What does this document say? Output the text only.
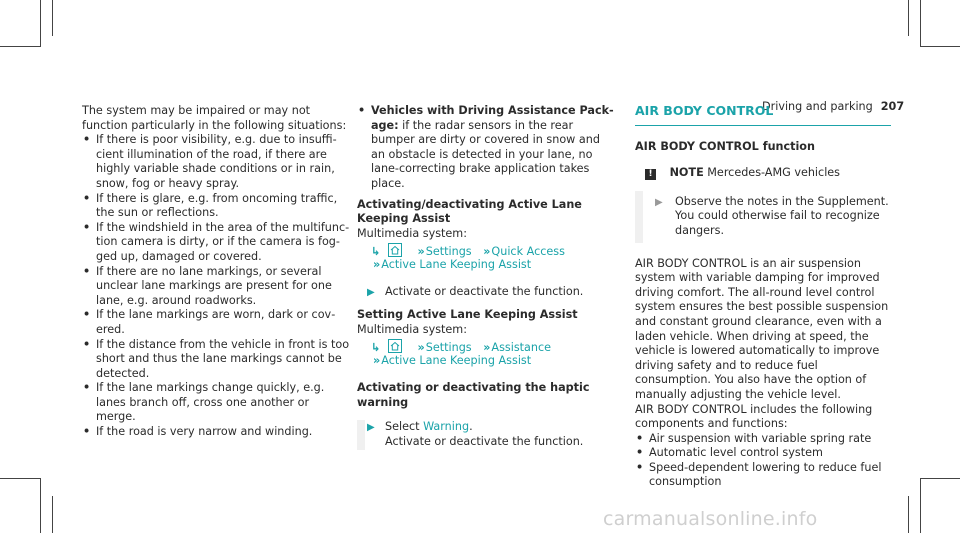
Driving and parking 207

The system may be impaired or may not function particularly in the following situations:

• If there is poor visibility, e.g. due to insufficient illumination of the road, if there are highly variable shade conditions or in rain, snow, fog or heavy spray.
• If there is glare, e.g. from oncoming traffic, the sun or reflections.
• If the windshield in the area of the multifunction camera is dirty, or if the camera is fogged up, damaged or covered.
• If there are no lane markings, or several unclear lane markings are present for one lane, e.g. around roadworks.
• If the lane markings are worn, dark or covered.
• If the distance from the vehicle in front is too short and thus the lane markings cannot be detected.
• If the lane markings change quickly, e.g. lanes branch off, cross one another or merge.
• If the road is very narrow and winding.
• Vehicles with Driving Assistance Package: if the radar sensors in the rear bumper are dirty or covered in snow and an obstacle is detected in your lane, no lane-correcting brake application takes place.

Activating/deactivating Active Lane Keeping Assist

Multimedia system:

↳	›› Settings ›› Quick Access
›› Active Lane Keeping Assist
▶ Activate or deactivate the function.

Setting Active Lane Keeping Assist

Multimedia system:

↳	›› Settings ›› Assistance
›› Active Lane Keeping Assist

Activating or deactivating the haptic warning

▶ Select Warning.
Activate or deactivate the function.
AIR BODY CONTROL

AIR BODY CONTROL function

! NOTE Mercedes-AMG vehicles
▶ Observe the notes in the Supplement. You could otherwise fail to recognize dangers.

AIR BODY CONTROL is an air suspension system with variable damping for improved driving comfort. The all-round level control system ensures the best possible suspension and constant ground clearance, even with a laden vehicle. When driving at speed, the vehicle is lowered automatically to improve driving safety and to reduce fuel consumption. You also have the option of manually adjusting the vehicle level.

AIR BODY CONTROL includes the following components and functions:

• Air suspension with variable spring rate
• Automatic level control system
• Speed-dependent lowering to reduce fuel consumption
carmanualsonline.info
